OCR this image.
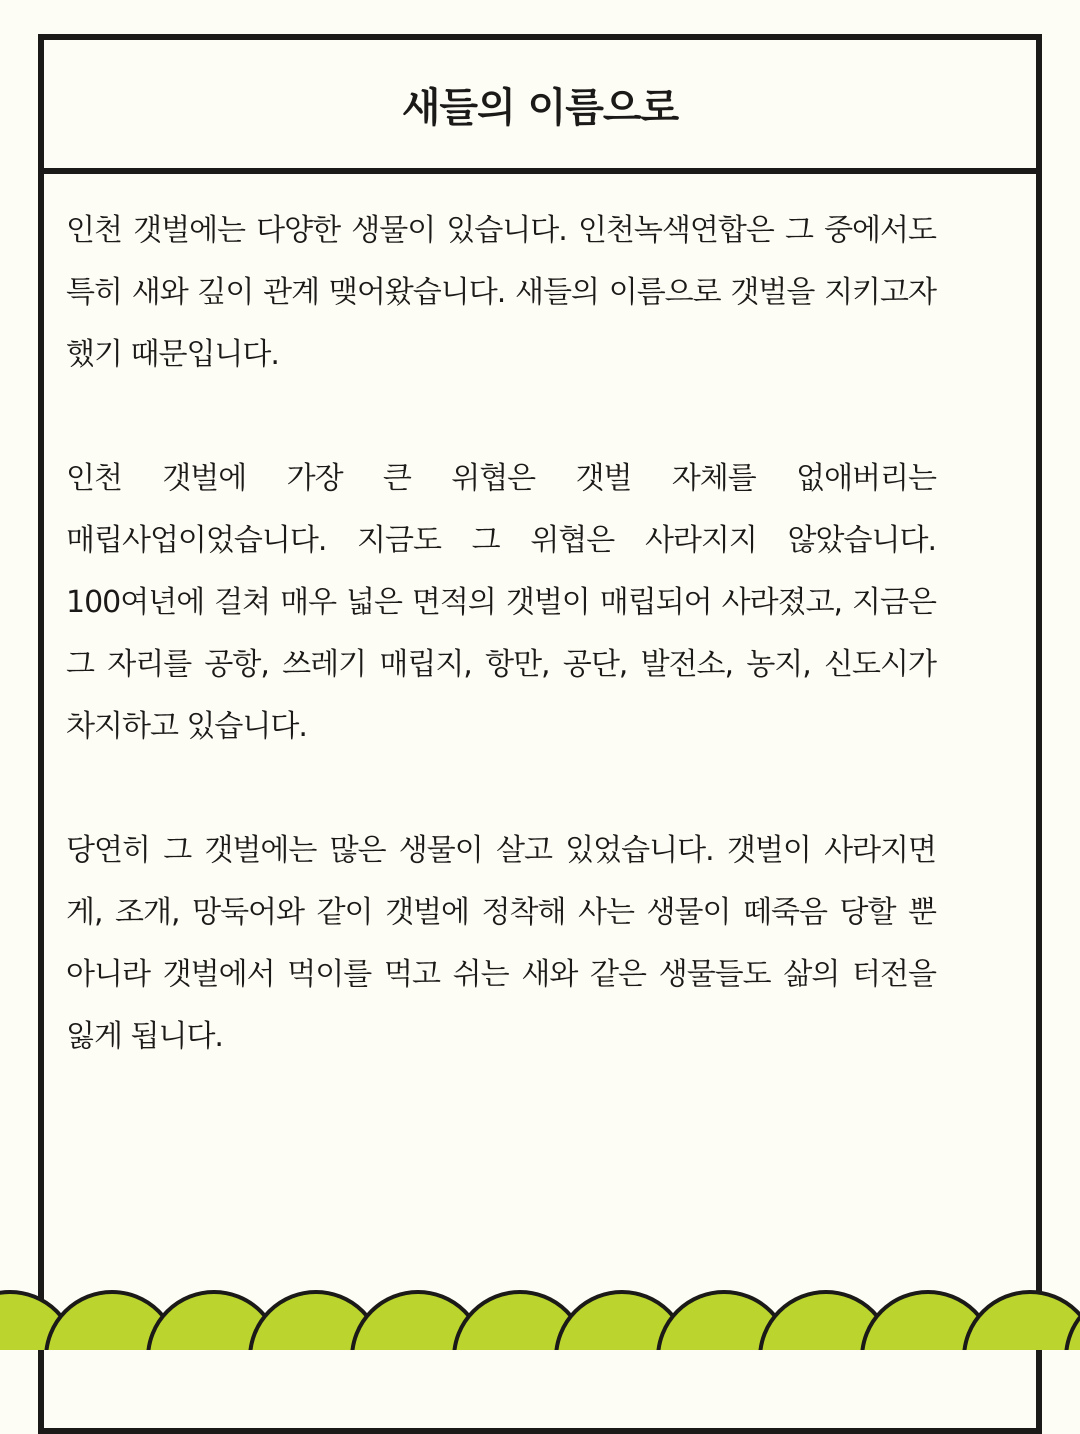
새들의 이름으로

인천 갯벌에는 다양한 생물이 있습니다. 인천녹색연합은 그 중에서도 특히 새와 깊이 관계 맺어왔습니다. 새들의 이름으로 갯벌을 지키고자 했기 때문입니다.

인천 갯벌에 가장 큰 위협은 갯벌 자체를 없애버리는 매립사업이었습니다. 지금도 그 위협은 사라지지 않았습니다. 100여년에 걸쳐 매우 넓은 면적의 갯벌이 매립되어 사라졌고, 지금은 그 자리를 공항, 쓰레기 매립지, 항만, 공단, 발전소, 농지, 신도시가 차지하고 있습니다.

당연히 그 갯벌에는 많은 생물이 살고 있었습니다. 갯벌이 사라지면 게, 조개, 망둑어와 같이 갯벌에 정착해 사는 생물이 떼죽음 당할 뿐 아니라 갯벌에서 먹이를 먹고 쉬는 새와 같은 생물들도 삶의 터전을 잃게 됩니다.
